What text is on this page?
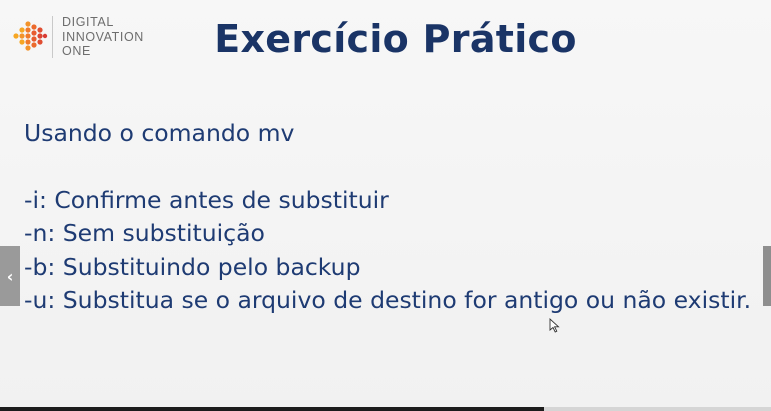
DIGITAL
INNOVATION
ONE	Exercício Prático

Usando o comando mv

-i: Confirme antes de substituir

-n: Sem substituição

-b: Substituindo pelo backup

-u: Substitua se o arquivo de destino for antigo ou não existir.

‹
